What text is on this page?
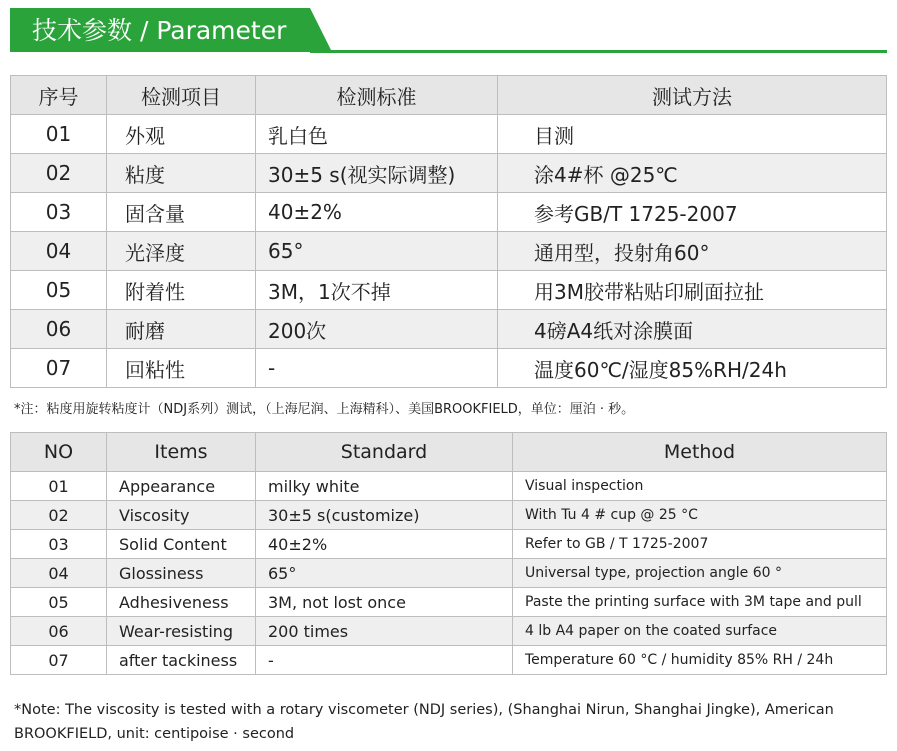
技术参数 / Parameter
序号	检测项目	检测标准	测试方法
01	外观	乳白色	目测
02	粘度	30±5 s(视实际调整)	涂4#杯 @25℃
03	固含量	40±2%	参考GB/T 1725-2007
04	光泽度	65°	通用型，投射角60°
05	附着性	3M，1次不掉	用3M胶带粘贴印刷面拉扯
06	耐磨	200次	4磅A4纸对涂膜面
07	回粘性	-	温度60℃/湿度85%RH/24h
*注：粘度用旋转粘度计（NDJ系列）测试，（上海尼润、上海精科）、美国BROOKFIELD，单位：厘泊 · 秒。
NO	Items	Standard	Method
01	Appearance	milky white	Visual inspection
02	Viscosity	30±5 s(customize)	With Tu 4 # cup @ 25 °C
03	Solid Content	40±2%	Refer to GB / T 1725-2007
04	Glossiness	65°	Universal type, projection angle 60 °
05	Adhesiveness	3M, not lost once	Paste the printing surface with 3M tape and pull
06	Wear-resisting	200 times	4 lb A4 paper on the coated surface
07	after tackiness	-	Temperature 60 °C / humidity 85% RH / 24h
*Note: The viscosity is tested with a rotary viscometer (NDJ series), (Shanghai Nirun, Shanghai Jingke), American BROOKFIELD, unit: centipoise · second
